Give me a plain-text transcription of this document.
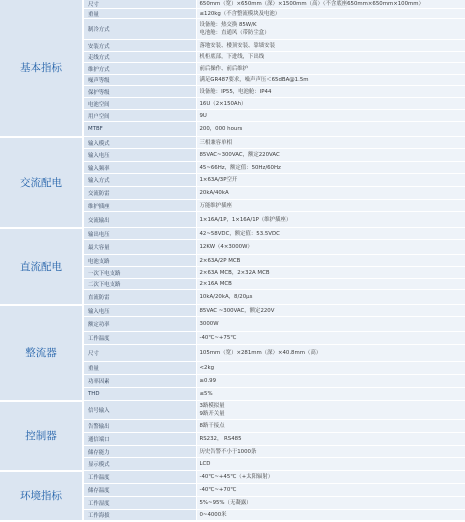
基本指标	尺寸	650mm（宽）×650mm（深）×1500mm（高）（不含底座650mm×650mm×100mm）
	重量	≤120kg（不含整流模块及电池）
	制冷方式	设备舱：热交换 85W/K
电池舱：直通风（带防尘盒）

	安装方式	落地安装、楼顶安装、靠墙安装
	走线方式	机柜底部，下进线，下出线
	维护方式	前后操作、前后维护
	噪声等级	满足GR487要求，噪声声压＜65dBA@1.5m
	保护等级	设备舱：IP55，电池舱：IP44
	电池空间	16U（2×150Ah）
	用户空间	9U
	MTBF	200，000 hours
交流配电	输入模式	三相兼容单相
	输入电压	85VAC~300VAC，额定220VAC
	输入频率	45~66Hz，额定值：50Hz/60Hz
	输入方式	1×63A/3P空开
	交流防雷	20kA/40kA
	维护插座	万能维护插座
	交流输出	1×16A/1P，1×16A/1P（维护插座）
直流配电	输出电压	42~58VDC，额定值：53.5VDC
	最大容量	12KW（4×3000W）
	电池支路	2×63A/2P MCB
	一次下电支路	2×63A MCB，2×32A MCB
	二次下电支路	2×16A MCB
	直流防雷	10kA/20kA，8/20μs
整流器	输入电压	85VAC ~300VAC，额定220V
	额定功率	3000W
	工作温度	-40℃~+75℃
	尺寸	105mm（宽）×281mm（深）×40.8mm（高）
	重量	<2kg
	功率因素	≥0.99
	THD	≤5%
控制器	信号输入	3路模拟量
9路开关量

	告警输出	8路干接点
	通信端口	RS232， RS485
	储存能力	历史告警不小于1000条
	显示模式	LCD
环境指标	工作温度	-40℃~+45℃（+太阳辐射）
	储存温度	-40℃~+70℃
	工作湿度	5%~95%（无凝露）
	工作海拔	0~4000米
